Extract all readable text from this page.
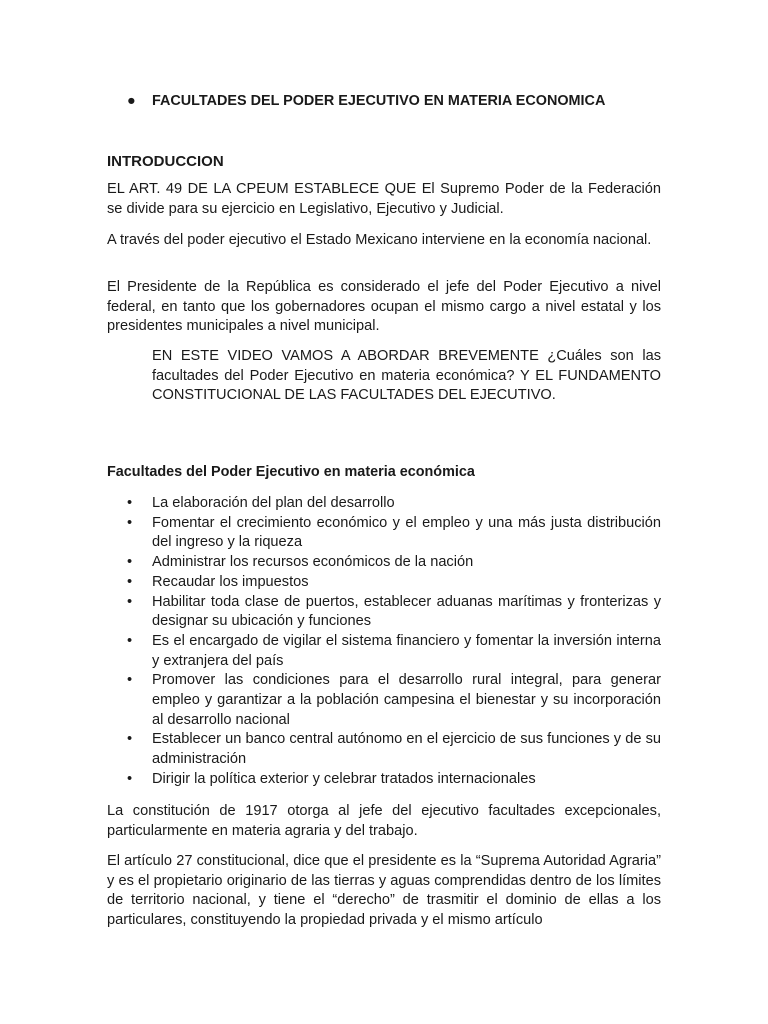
● FACULTADES DEL PODER EJECUTIVO EN MATERIA ECONOMICA
INTRODUCCION

EL ART. 49 DE LA CPEUM ESTABLECE QUE El Supremo Poder de la Federación se divide para su ejercicio en Legislativo, Ejecutivo y Judicial.

A través del poder ejecutivo el Estado Mexicano interviene en la economía nacional.

El Presidente de la República es considerado el jefe del Poder Ejecutivo a nivel federal, en tanto que los gobernadores ocupan el mismo cargo a nivel estatal y los presidentes municipales a nivel municipal.

EN ESTE VIDEO VAMOS A ABORDAR BREVEMENTE ¿Cuáles son las facultades del Poder Ejecutivo en materia económica? Y EL FUNDAMENTO CONSTITUCIONAL DE LAS FACULTADES DEL EJECUTIVO.

Facultades del Poder Ejecutivo en materia económica
• La elaboración del plan del desarrollo
• Fomentar el crecimiento económico y el empleo y una más justa distribución del ingreso y la riqueza
• Administrar los recursos económicos de la nación
• Recaudar los impuestos
• Habilitar toda clase de puertos, establecer aduanas marítimas y fronterizas y designar su ubicación y funciones
• Es el encargado de vigilar el sistema financiero y fomentar la inversión interna y extranjera del país
• Promover las condiciones para el desarrollo rural integral, para generar empleo y garantizar a la población campesina el bienestar y su incorporación al desarrollo nacional
• Establecer un banco central autónomo en el ejercicio de sus funciones y de su administración
• Dirigir la política exterior y celebrar tratados internacionales

La constitución de 1917 otorga al jefe del ejecutivo facultades excepcionales, particularmente en materia agraria y del trabajo.

El artículo 27 constitucional, dice que el presidente es la “Suprema Autoridad Agraria” y es el propietario originario de las tierras y aguas comprendidas dentro de los límites de territorio nacional, y tiene el “derecho” de trasmitir el dominio de ellas a los particulares, constituyendo la propiedad privada y el mismo artículo
